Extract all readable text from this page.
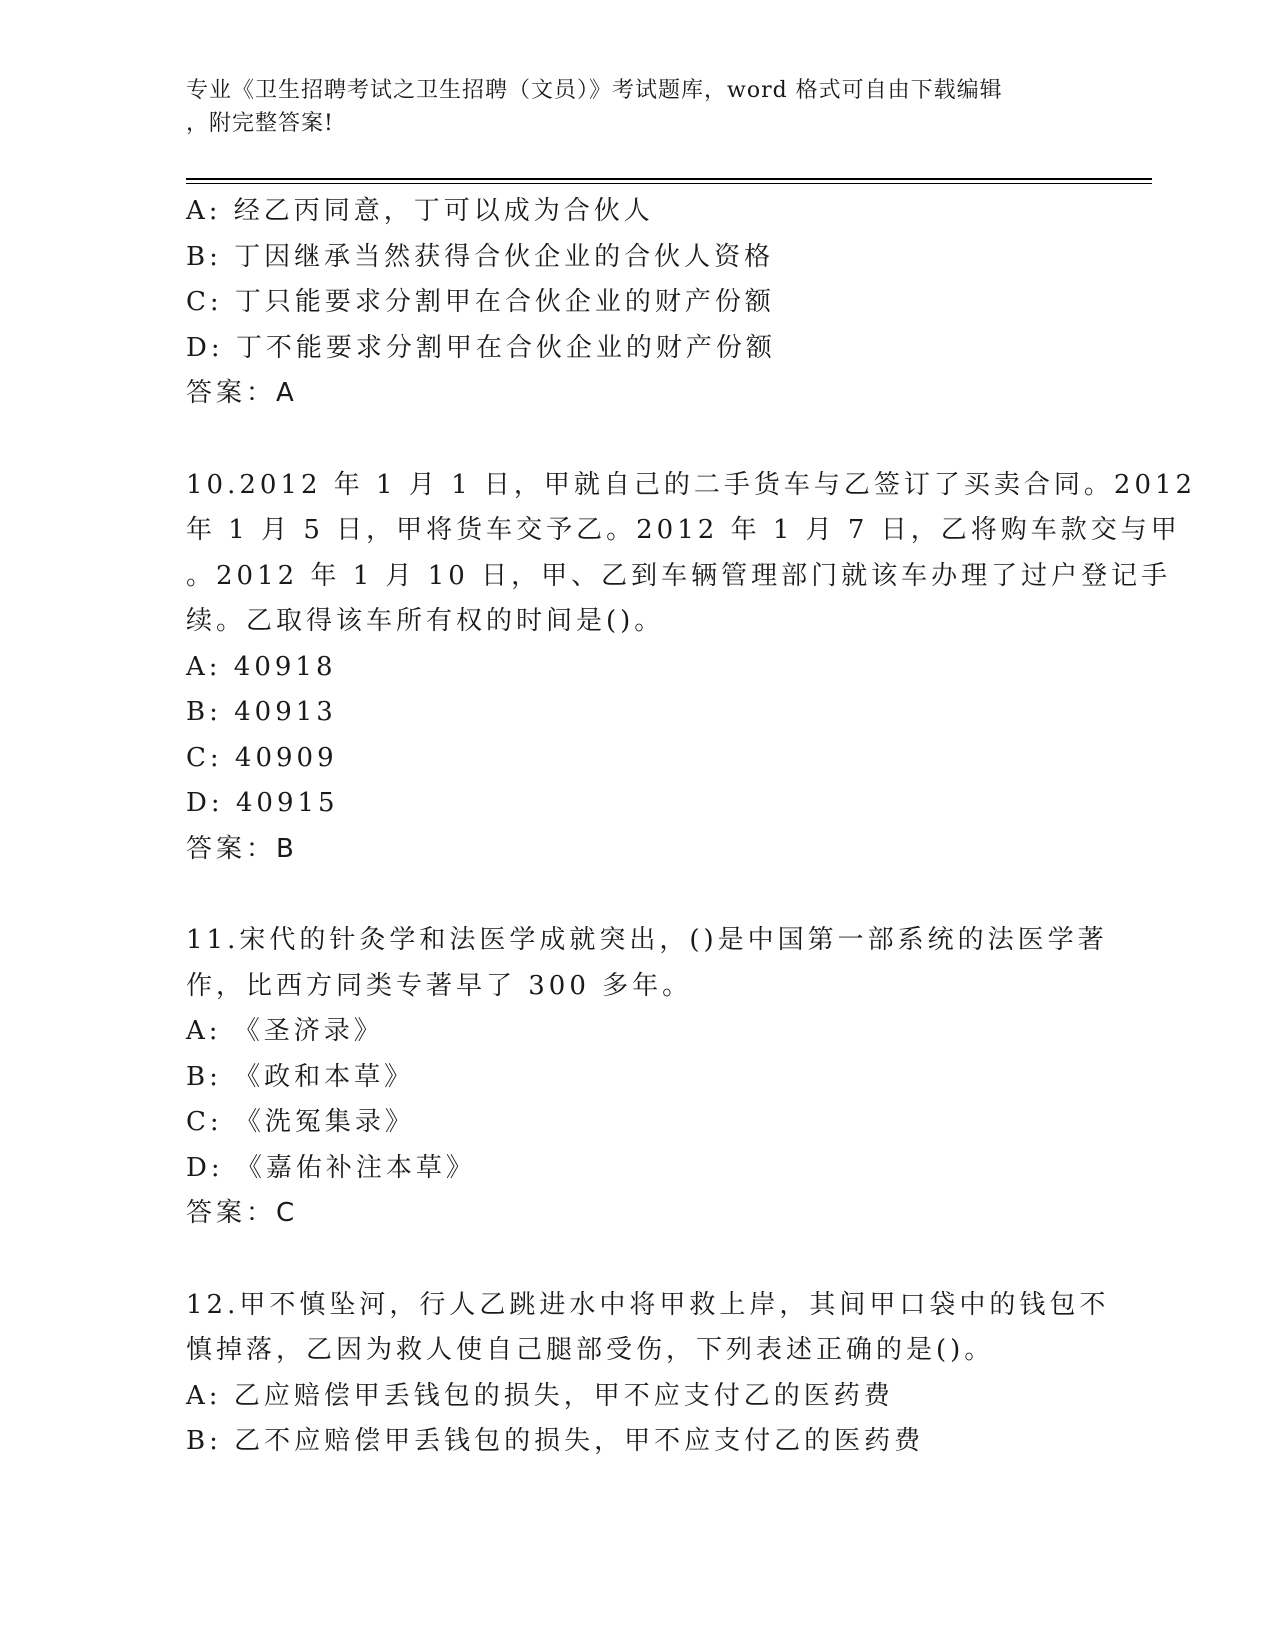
专业《卫生招聘考试之卫生招聘（文员）》考试题库，word 格式可自由下载编辑
，附完整答案!
A: 经乙丙同意，丁可以成为合伙人
B: 丁因继承当然获得合伙企业的合伙人资格
C: 丁只能要求分割甲在合伙企业的财产份额
D: 丁不能要求分割甲在合伙企业的财产份额
答案：A
10.2012 年 1 月 1 日，甲就自己的二手货车与乙签订了买卖合同。2012
年 1 月 5 日，甲将货车交予乙。2012 年 1 月 7 日，乙将购车款交与甲
。2012 年 1 月 10 日，甲、乙到车辆管理部门就该车办理了过户登记手
续。乙取得该车所有权的时间是()。
A: 40918
B: 40913
C: 40909
D: 40915
答案：B
11.宋代的针灸学和法医学成就突出，()是中国第一部系统的法医学著
作，比西方同类专著早了 300 多年。
A: 《圣济录》
B: 《政和本草》
C: 《洗冤集录》
D: 《嘉佑补注本草》
答案：C
12.甲不慎坠河，行人乙跳进水中将甲救上岸，其间甲口袋中的钱包不
慎掉落，乙因为救人使自己腿部受伤，下列表述正确的是()。
A: 乙应赔偿甲丢钱包的损失，甲不应支付乙的医药费
B: 乙不应赔偿甲丢钱包的损失，甲不应支付乙的医药费
